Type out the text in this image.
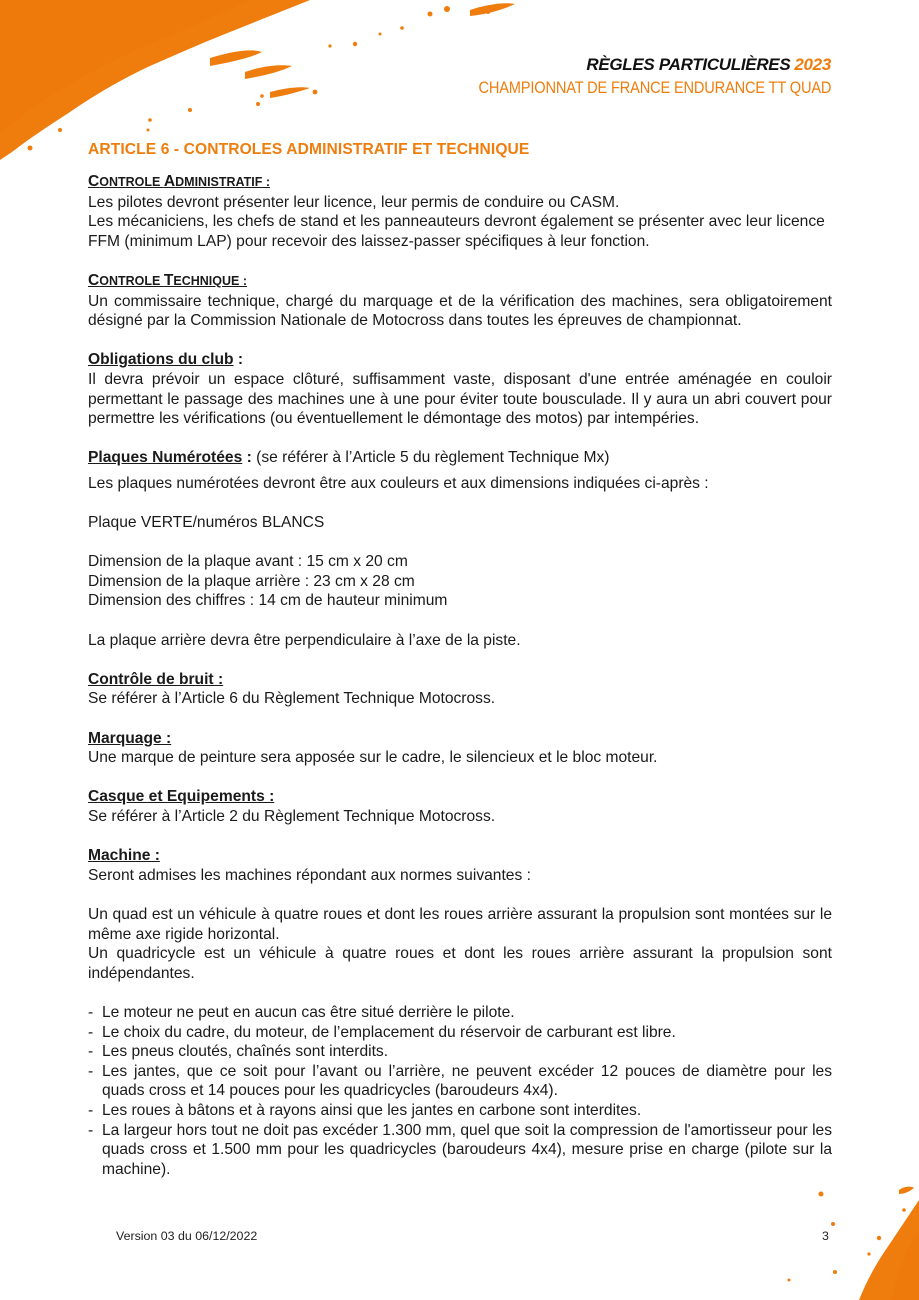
RÈGLES PARTICULIÈRES 2023
CHAMPIONNAT DE FRANCE ENDURANCE TT QUAD
ARTICLE 6 - CONTROLES ADMINISTRATIF ET TECHNIQUE

CONTROLE ADMINISTRATIF :

Les pilotes devront présenter leur licence, leur permis de conduire ou CASM.

Les mécaniciens, les chefs de stand et les panneauteurs devront également se présenter avec leur licence FFM (minimum LAP) pour recevoir des laissez-passer spécifiques à leur fonction.

CONTROLE TECHNIQUE :

Un commissaire technique, chargé du marquage et de la vérification des machines, sera obligatoirement désigné par la Commission Nationale de Motocross dans toutes les épreuves de championnat.

Obligations du club :

Il devra prévoir un espace clôturé, suffisamment vaste, disposant d'une entrée aménagée en couloir permettant le passage des machines une à une pour éviter toute bousculade. Il y aura un abri couvert pour permettre les vérifications (ou éventuellement le démontage des motos) par intempéries.

Plaques Numérotées : (se référer à l’Article 5 du règlement Technique Mx)

Les plaques numérotées devront être aux couleurs et aux dimensions indiquées ci-après :

Plaque VERTE/numéros BLANCS

Dimension de la plaque avant : 15 cm x 20 cm

Dimension de la plaque arrière : 23 cm x 28 cm

Dimension des chiffres : 14 cm de hauteur minimum

La plaque arrière devra être perpendiculaire à l’axe de la piste.

Contrôle de bruit :

Se référer à l’Article 6 du Règlement Technique Motocross.

Marquage :

Une marque de peinture sera apposée sur le cadre, le silencieux et le bloc moteur.

Casque et Equipements :

Se référer à l’Article 2 du Règlement Technique Motocross.

Machine :

Seront admises les machines répondant aux normes suivantes :

Un quad est un véhicule à quatre roues et dont les roues arrière assurant la propulsion sont montées sur le même axe rigide horizontal.

Un quadricycle est un véhicule à quatre roues et dont les roues arrière assurant la propulsion sont indépendantes.

- Le moteur ne peut en aucun cas être situé derrière le pilote.
- Le choix du cadre, du moteur, de l’emplacement du réservoir de carburant est libre.
- Les pneus cloutés, chaînés sont interdits.
- Les jantes, que ce soit pour l’avant ou l’arrière, ne peuvent excéder 12 pouces de diamètre pour les quads cross et 14 pouces pour les quadricycles (baroudeurs 4x4).
- Les roues à bâtons et à rayons ainsi que les jantes en carbone sont interdites.
- La largeur hors tout ne doit pas excéder 1.300 mm, quel que soit la compression de l'amortisseur pour les quads cross et 1.500 mm pour les quadricycles (baroudeurs 4x4), mesure prise en charge (pilote sur la machine).
Version 03 du 06/12/2022	3
